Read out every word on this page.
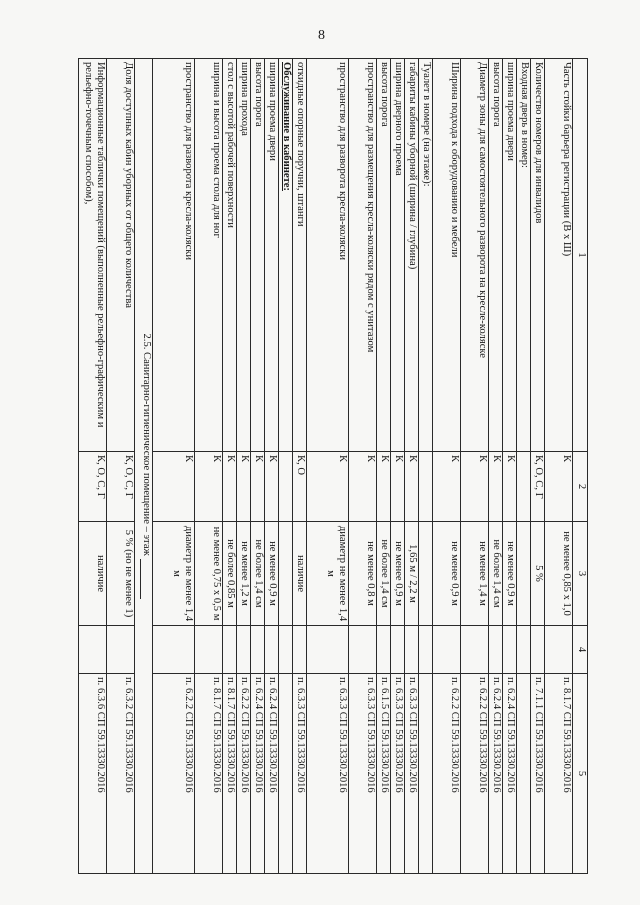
8
1	2	3	4	5
Часть стойки барьера регистрации (В х Ш)	К	не менее 0,85 х 1,0		п. 8.1.7 СП 59.13330.2016
Количество номеров для инвалидов	К, О, С, Г	5 %		п. 7.1.1 СП 59.13330.2016
Входная дверь в номер:				
ширина проема двери	К	не менее 0,9 м		п. 6.2.4 СП 59.13330.2016
высота порога	К	не более 1,4 см		п. 6.2.4 СП 59.13330.2016
Диаметр зоны для самостоятельного разворота на кресле-коляске	К	не менее 1,4 м		п. 6.2.2 СП 59.13330.2016
Ширина подхода к оборудованию и мебели	К	не менее 0,9 м		п. 6.2.2 СП 59.13330.2016
Туалет в номере (на этаже):				
габариты кабины уборной (ширина / глубина)	К	1,65 м / 2,2 м		п. 6.3.3 СП 59.13330.2016
ширина дверного проема	К	не менее 0,9 м		п. 6.3.3 СП 59.13330.2016
высота порога	К	не более 1,4 см		п. 6.1.5 СП 59.13330.2016
пространство для размещения кресла-коляски рядом с унитазом	К	не менее 0,8 м		п. 6.3.3 СП 59.13330.2016
пространство для разворота кресла-коляски	К	диаметр не менее 1,4 м		п. 6.3.3 СП 59.13330.2016
откидные опорные поручни, штанги	К, О	наличие		п. 6.3.3 СП 59.13330.2016
Обслуживание в кабинете:				
ширина проема двери	К	не менее 0,9 м		п. 6.2.4 СП 59.13330.2016
высота порога	К	не более 1,4 см		п. 6.2.4 СП 59.13330.2016
ширина прохода	К	не менее 1,2 м		п. 6.2.2 СП 59.13330.2016
стол с высотой рабочей поверхности	К	не более 0,85 м		п. 8.1.7 СП 59.13330.2016
ширина и высота проема стола для ног	К	не менее 0,75 х 0,5 м		п. 8.1.7 СП 59.13330.2016
пространство для разворота кресла-коляски	К	диаметр не менее 1,4 м		п. 6.2.2 СП 59.13330.2016
2.5. Санитарно-гигиеническое помещение – этаж				
Доля доступных кабин уборных от общего количества	К, О, С, Г	5 % (но не менее 1)		п. 6.3.2 СП 59.13330.2016
Информационные таблички помещений (выполненные рельефно-графическим и рельефно-точечным способом),	К, О, С, Г	наличие		п. 6.3.6 СП 59.13330.2016
